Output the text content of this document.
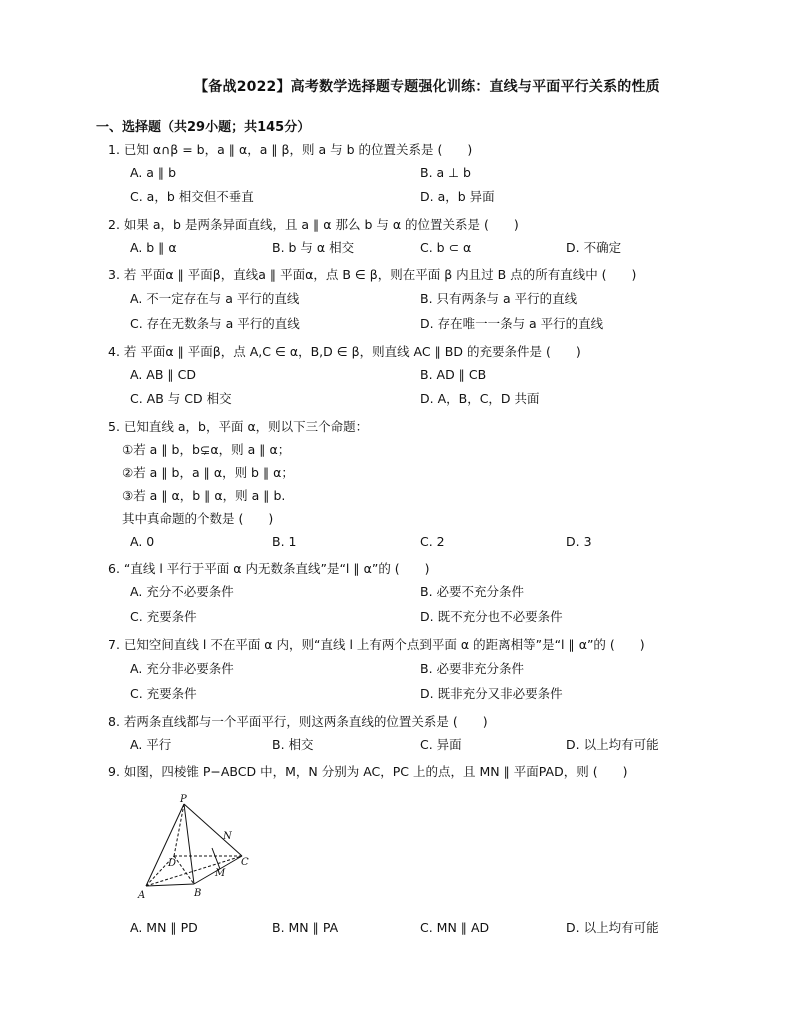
【备战2022】高考数学选择题专题强化训练：直线与平面平行关系的性质
一、选择题（共29小题；共145分）
1. 已知 α∩β = b，a ∥ α，a ∥ β，则 a 与 b 的位置关系是 (　　)
A. a ∥ b	B. a ⊥ b
C. a，b 相交但不垂直	D. a，b 异面
2. 如果 a，b 是两条异面直线，且 a ∥ α 那么 b 与 α 的位置关系是 (　　)
A. b ∥ α	B. b 与 α 相交	C. b ⊂ α	D. 不确定
3. 若 平面α ∥ 平面β，直线a ∥ 平面α，点 B ∈ β，则在平面 β 内且过 B 点的所有直线中 (　　)
A. 不一定存在与 a 平行的直线	B. 只有两条与 a 平行的直线
C. 存在无数条与 a 平行的直线	D. 存在唯一一条与 a 平行的直线
4. 若 平面α ∥ 平面β，点 A,C ∈ α，B,D ∈ β，则直线 AC ∥ BD 的充要条件是 (　　)
A. AB ∥ CD	B. AD ∥ CB
C. AB 与 CD 相交	D. A，B，C，D 共面
5. 已知直线 a，b，平面 α，则以下三个命题：
①若 a ∥ b，b⊊α，则 a ∥ α；
②若 a ∥ b，a ∥ α，则 b ∥ α；
③若 a ∥ α，b ∥ α，则 a ∥ b.
其中真命题的个数是 (　　)
A. 0	B. 1	C. 2	D. 3
6. “直线 l 平行于平面 α 内无数条直线”是“l ∥ α”的 (　　)
A. 充分不必要条件	B. 必要不充分条件
C. 充要条件	D. 既不充分也不必要条件
7. 已知空间直线 l 不在平面 α 内，则“直线 l 上有两个点到平面 α 的距离相等”是“l ∥ α”的 (　　)
A. 充分非必要条件	B. 必要非充分条件
C. 充要条件	D. 既非充分又非必要条件
8. 若两条直线都与一个平面平行，则这两条直线的位置关系是 (　　)
A. 平行	B. 相交	C. 异面	D. 以上均有可能
9. 如图，四棱锥 P−ABCD 中，M，N 分别为 AC，PC 上的点，且 MN ∥ 平面PAD，则 (　　)
P
N
D	C
M
A	B
A. MN ∥ PD	B. MN ∥ PA	C. MN ∥ AD	D. 以上均有可能
